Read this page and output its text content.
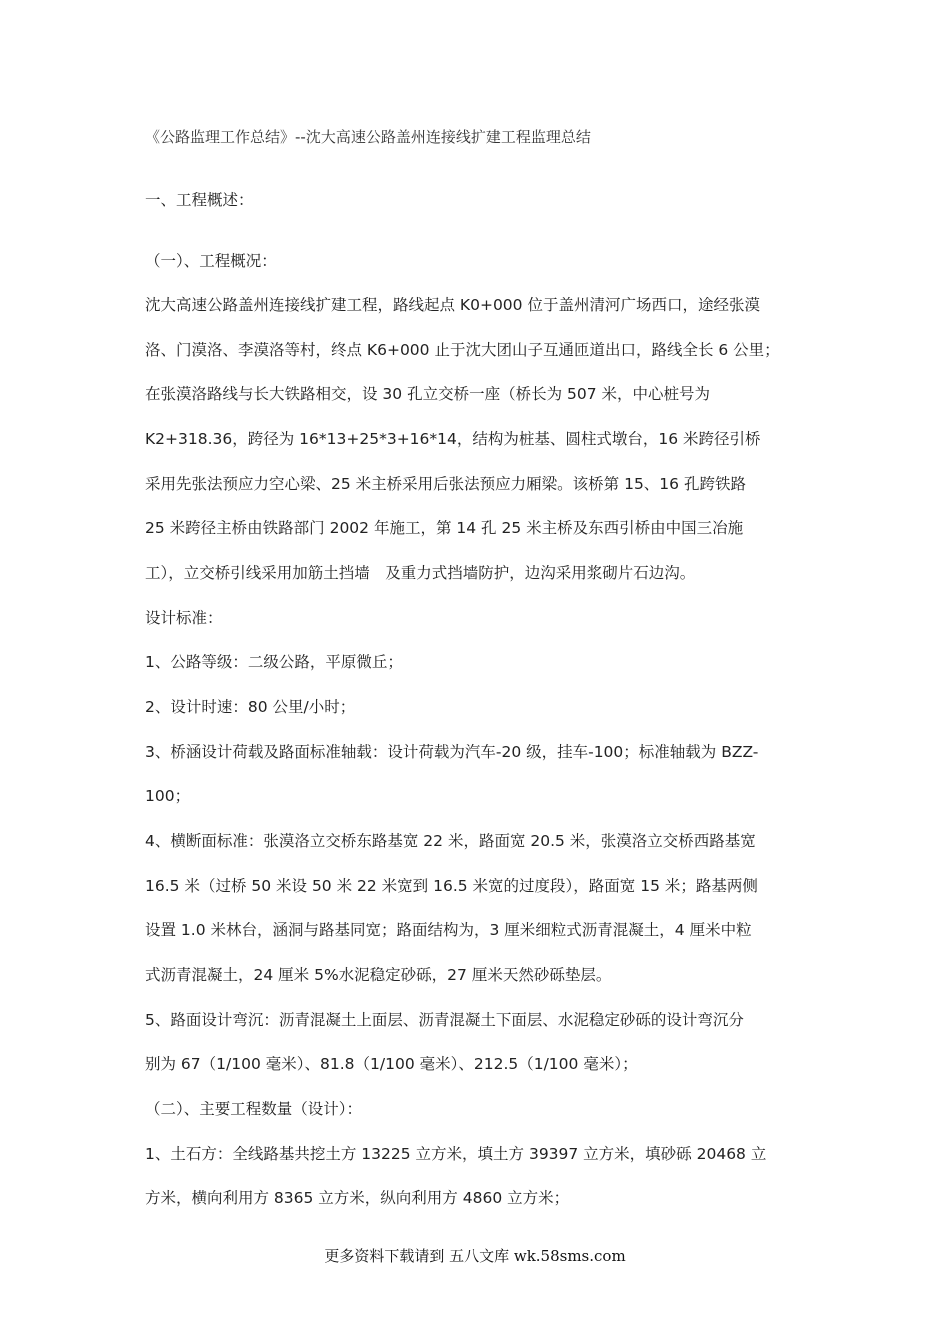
《公路监理工作总结》--沈大高速公路盖州连接线扩建工程监理总结
一、工程概述：
（一）、工程概况：
沈大高速公路盖州连接线扩建工程，路线起点 K0+000 位于盖州清河广场西口，途经张漠
洛、门漠洛、李漠洛等村，终点 K6+000 止于沈大团山子互通匝道出口，路线全长 6 公里；
在张漠洛路线与长大铁路相交，设 30 孔立交桥一座（桥长为 507 米，中心桩号为
K2+318.36，跨径为 16*13+25*3+16*14，结构为桩基、圆柱式墩台，16 米跨径引桥
采用先张法预应力空心梁、25 米主桥采用后张法预应力厢梁。该桥第 15、16 孔跨铁路
25 米跨径主桥由铁路部门 2002 年施工，第 14 孔 25 米主桥及东西引桥由中国三冶施
工），立交桥引线采用加筋土挡墙　及重力式挡墙防护，边沟采用浆砌片石边沟。
设计标准：
1、公路等级：二级公路，平原微丘；
2、设计时速：80 公里/小时；
3、桥涵设计荷载及路面标准轴载：设计荷载为汽车-20 级，挂车-100；标准轴载为 BZZ-
100；
4、横断面标准：张漠洛立交桥东路基宽 22 米，路面宽 20.5 米，张漠洛立交桥西路基宽
16.5 米（过桥 50 米设 50 米 22 米宽到 16.5 米宽的过度段），路面宽 15 米；路基两侧
设置 1.0 米林台，涵洞与路基同宽；路面结构为，3 厘米细粒式沥青混凝土，4 厘米中粒
式沥青混凝土，24 厘米 5%水泥稳定砂砾，27 厘米天然砂砾垫层。
5、路面设计弯沉：沥青混凝土上面层、沥青混凝土下面层、水泥稳定砂砾的设计弯沉分
别为 67（1/100 毫米）、81.8（1/100 毫米）、212.5（1/100 毫米）；
（二）、主要工程数量（设计）：
1、土石方：全线路基共挖土方 13225 立方米，填土方 39397 立方米，填砂砾 20468 立
方米，横向利用方 8365 立方米，纵向利用方 4860 立方米；
更多资料下载请到 五八文库 wk.58sms.com
